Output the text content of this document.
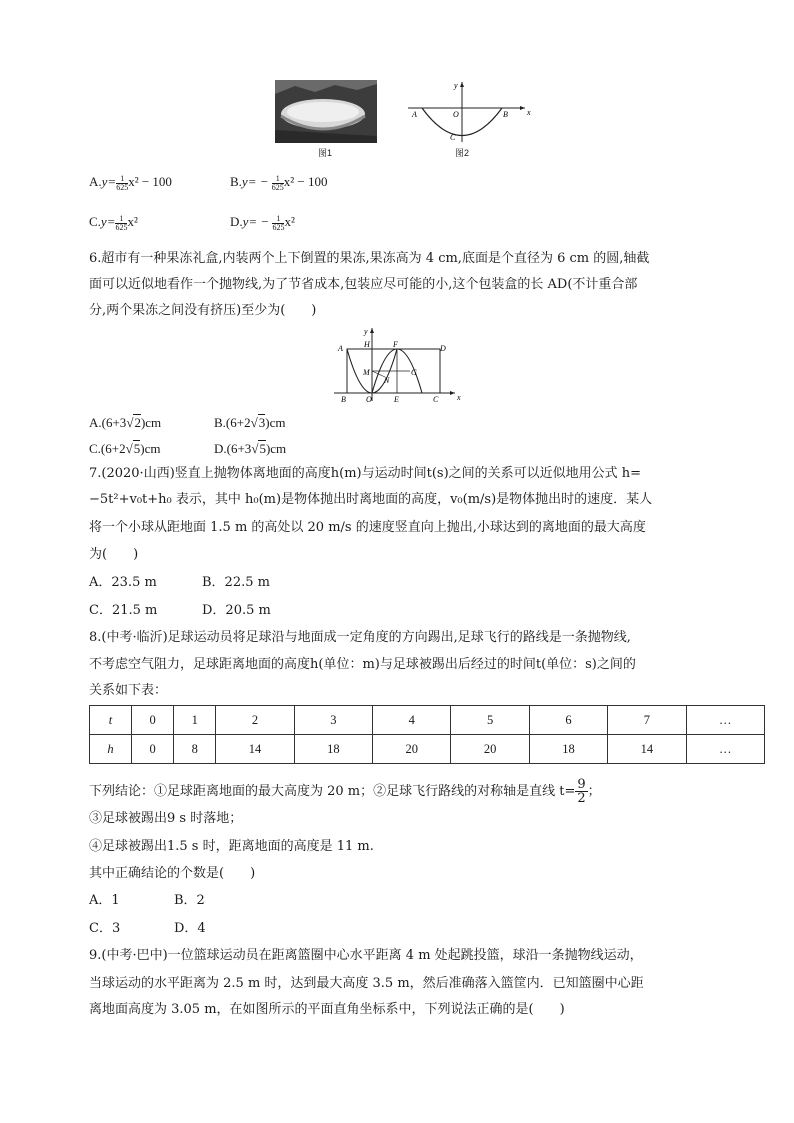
图1
y
x
O
A	B
C
图2
$A.y= \frac{1}{625} x^2 - 100$	$B.y= - \frac{1}{625} x^2 - 100$
$C.y= \frac{1}{625} x^2$	$D.y= - \frac{1}{625} x^2$
6.超市有一种果冻礼盒,内装两个上下倒置的果冻,果冻高为 4 cm,底面是个直径为 6 cm 的圆,轴截
面可以近似地看作一个抛物线,为了节省成本,包装应尽可能的小,这个包装盒的长 AD(不计重合部
分,两个果冻之间没有挤压)至少为(　　)
y
x
A	H	F	D
M
N
G
B	O	E	C
A.(6+3√2)cm	B.(6+2√3)cm
C.(6+2√5)cm	D.(6+3√5)cm
7.(2020·山西)竖直上抛物体离地面的高度h(m)与运动时间t(s)之间的关系可以近似地用公式 h=
−5t²+v₀t+h₀ 表示，其中 h₀(m)是物体抛出时离地面的高度，v₀(m/s)是物体抛出时的速度．某人
将一个小球从距地面 1.5 m 的高处以 20 m/s 的速度竖直向上抛出,小球达到的离地面的最大高度
为(　　)
A．23.5 m	B．22.5 m
C．21.5 m	D．20.5 m
8.(中考·临沂)足球运动员将足球沿与地面成一定角度的方向踢出,足球飞行的路线是一条抛物线,
不考虑空气阻力，足球距离地面的高度h(单位：m)与足球被踢出后经过的时间t(单位：s)之间的
关系如下表：
t	0	1	2	3	4	5	6	7	…
h	0	8	14	18	20	20	18	14	…
下列结论：①足球距离地面的最大高度为 20 m；②足球飞行路线的对称轴是直线 $t= \frac{9}{2}$ ；
③足球被踢出9 s 时落地；
④足球被踢出1.5 s 时，距离地面的高度是 11 m.
其中正确结论的个数是(　　)
A．1	B．2
C．3	D．4
9.(中考·巴中)一位篮球运动员在距离篮圈中心水平距离 4 m 处起跳投篮，球沿一条抛物线运动，
当球运动的水平距离为 2.5 m 时，达到最大高度 3.5 m，然后准确落入篮筐内．已知篮圈中心距
离地面高度为 3.05 m，在如图所示的平面直角坐标系中，下列说法正确的是(　　)
